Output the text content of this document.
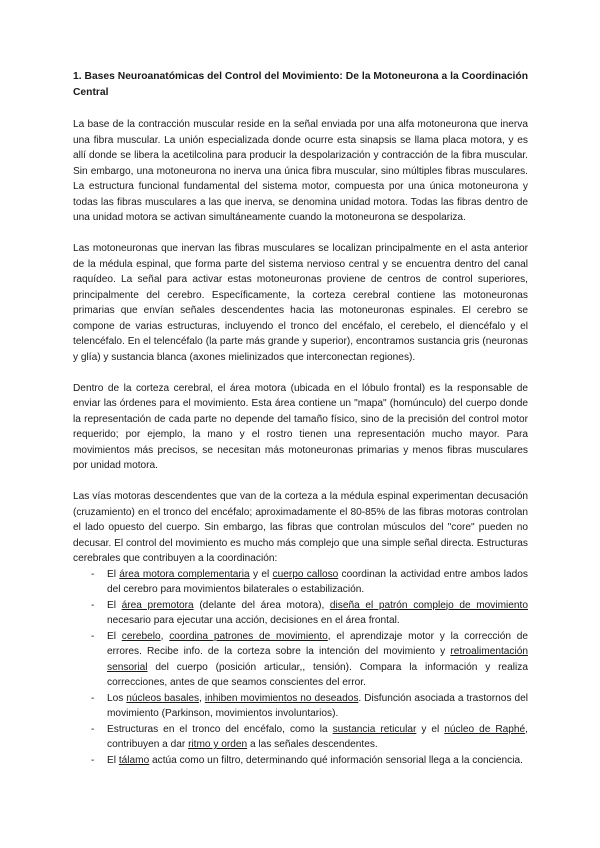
1. Bases Neuroanatómicas del Control del Movimiento: De la Motoneurona a la Coordinación Central

La base de la contracción muscular reside en la señal enviada por una alfa motoneurona que inerva una fibra muscular. La unión especializada donde ocurre esta sinapsis se llama placa motora, y es allí donde se libera la acetilcolina para producir la despolarización y contracción de la fibra muscular. Sin embargo, una motoneurona no inerva una única fibra muscular, sino múltiples fibras musculares. La estructura funcional fundamental del sistema motor, compuesta por una única motoneurona y todas las fibras musculares a las que inerva, se denomina unidad motora. Todas las fibras dentro de una unidad motora se activan simultáneamente cuando la motoneurona se despolariza.

Las motoneuronas que inervan las fibras musculares se localizan principalmente en el asta anterior de la médula espinal, que forma parte del sistema nervioso central y se encuentra dentro del canal raquídeo. La señal para activar estas motoneuronas proviene de centros de control superiores, principalmente del cerebro. Específicamente, la corteza cerebral contiene las motoneuronas primarias que envían señales descendentes hacia las motoneuronas espinales. El cerebro se compone de varias estructuras, incluyendo el tronco del encéfalo, el cerebelo, el diencéfalo y el telencéfalo. En el telencéfalo (la parte más grande y superior), encontramos sustancia gris (neuronas y glía) y sustancia blanca (axones mielinizados que interconectan regiones).

Dentro de la corteza cerebral, el área motora (ubicada en el lóbulo frontal) es la responsable de enviar las órdenes para el movimiento. Esta área contiene un "mapa" (homúnculo) del cuerpo donde la representación de cada parte no depende del tamaño físico, sino de la precisión del control motor requerido; por ejemplo, la mano y el rostro tienen una representación mucho mayor. Para movimientos más precisos, se necesitan más motoneuronas primarias y menos fibras musculares por unidad motora.

Las vías motoras descendentes que van de la corteza a la médula espinal experimentan decusación (cruzamiento) en el tronco del encéfalo; aproximadamente el 80-85% de las fibras motoras controlan el lado opuesto del cuerpo. Sin embargo, las fibras que controlan músculos del "core" pueden no decusar. El control del movimiento es mucho más complejo que una simple señal directa. Estructuras cerebrales que contribuyen a la coordinación:

- El área motora complementaria y el cuerpo calloso coordinan la actividad entre ambos lados del cerebro para movimientos bilaterales o estabilización.
- El área premotora (delante del área motora), diseña el patrón complejo de movimiento necesario para ejecutar una acción, decisiones en el área frontal.
- El cerebelo, coordina patrones de movimiento, el aprendizaje motor y la corrección de errores. Recibe info. de la corteza sobre la intención del movimiento y retroalimentación sensorial del cuerpo (posición articular,, tensión). Compara la información y realiza correcciones, antes de que seamos conscientes del error.
- Los núcleos basales, inhiben movimientos no deseados. Disfunción asociada a trastornos del movimiento (Parkinson, movimientos involuntarios).
- Estructuras en el tronco del encéfalo, como la sustancia reticular y el núcleo de Raphé, contribuyen a dar ritmo y orden a las señales descendentes.
- El tálamo actúa como un filtro, determinando qué información sensorial llega a la conciencia.
